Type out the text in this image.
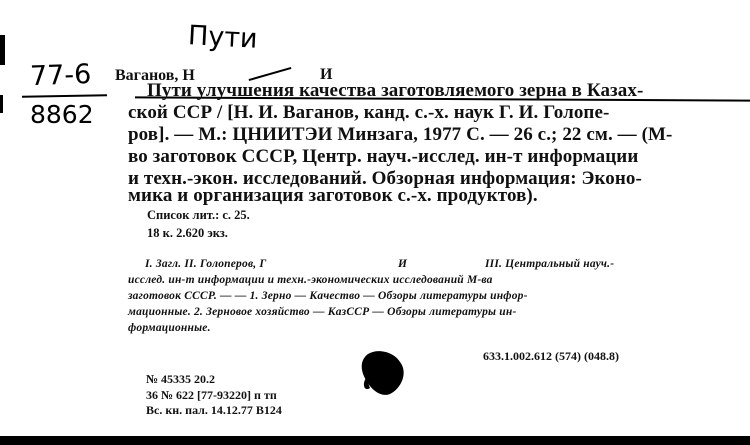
Пути
77-6
8862
Ваганов, Н	И
Пути улучшения качества заготовляемого зерна в Казах-
ской ССР / [Н. И. Ваганов, канд. с.-х. наук Г. И. Голопе-
ров]. — М.: ЦНИИТЭИ Минзага, 1977 С. — 26 с.; 22 см. — (М-
во заготовок СССР, Центр. науч.-исслед. ин-т информации
и техн.-экон. исследований. Обзорная информация: Эконо-
мика и организация заготовок с.-х. продуктов).
Список лит.: с. 25.
18 к. 2.620 экз.
I. Загл. II. Голоперов, Г	И	III. Центральный науч.-
исслед. ин-т информации и техн.-экономических исследований М-ва
заготовок СССР. — — 1. Зерно — Качество — Обзоры литературы инфор-
мационные. 2. Зерновое хозяйство — КазССР — Обзоры литературы ин-
формационные.
633.1.002.612 (574) (048.8)
№ 45335 20.2
36 № 622 [77-93220] п тп
Вс. кн. пал. 14.12.77 В124
